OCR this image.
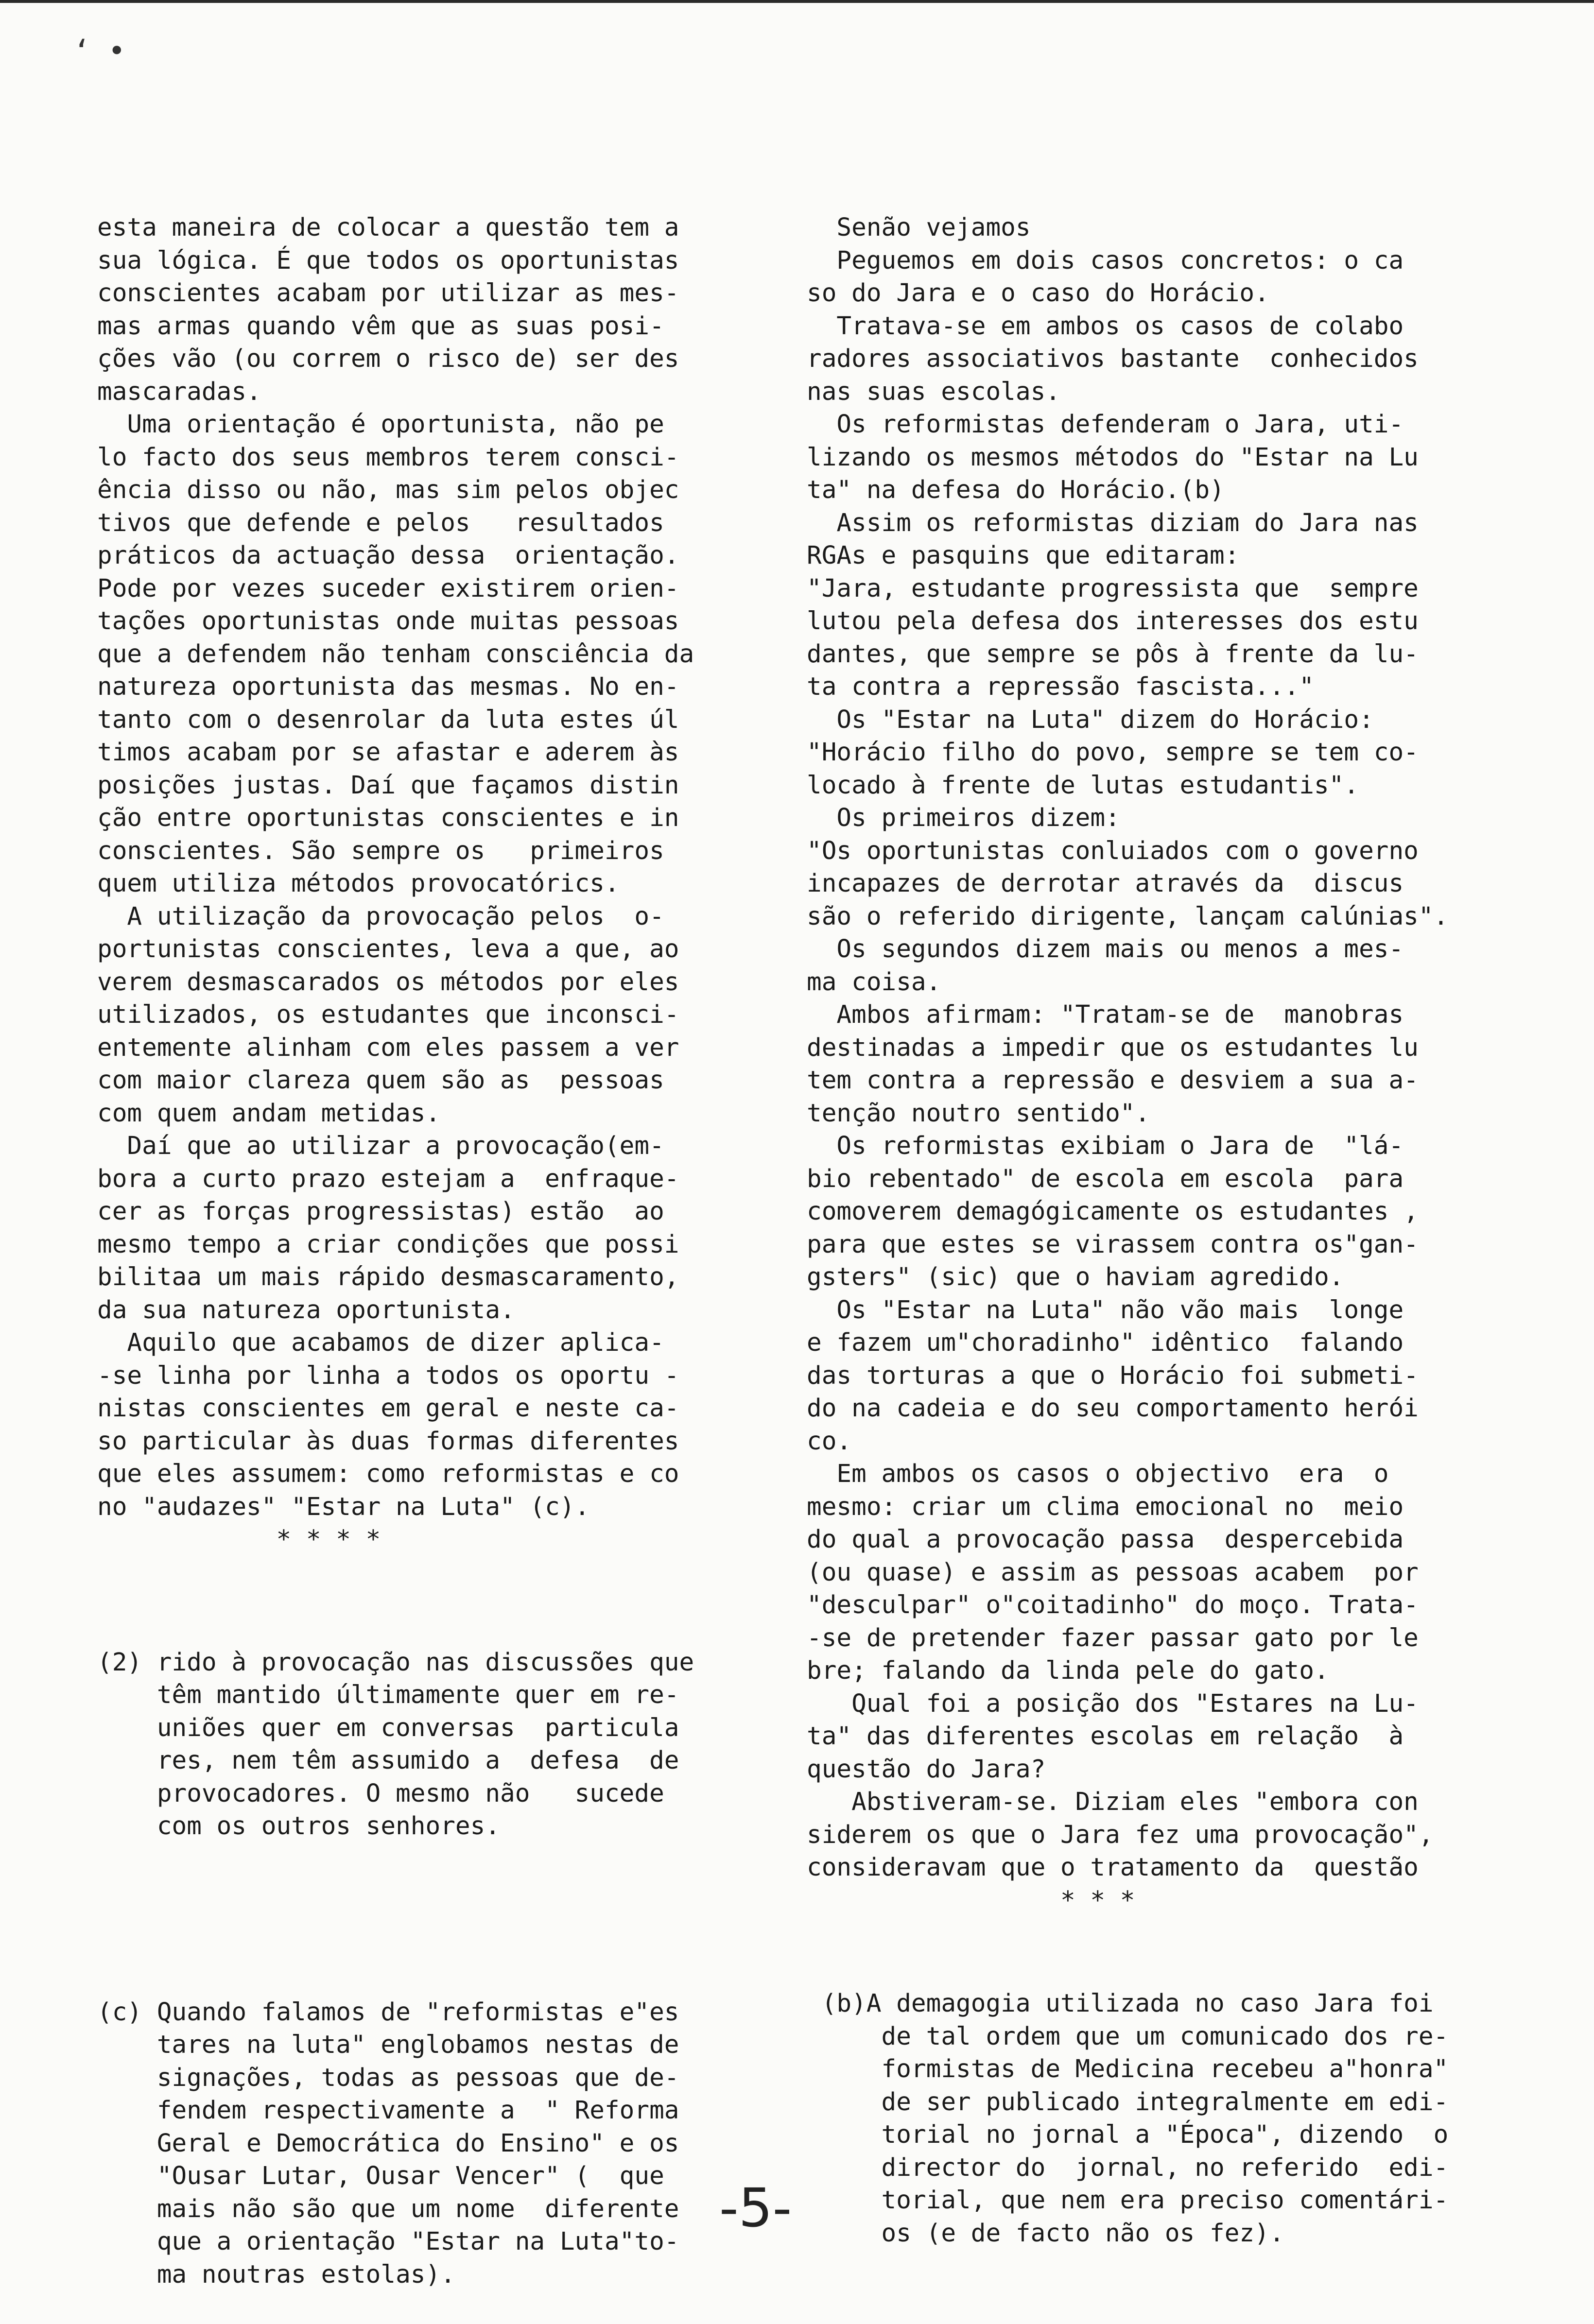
ʻ •

esta maneira de colocar a questão tem a

sua lógica. É que todos os oportunistas

conscientes acabam por utilizar as mes-

mas armas quando vêm que as suas posi-

ções vão (ou correm o risco de) ser des

mascaradas.

Uma orientação é oportunista, não pe

lo facto dos seus membros terem consci-

ência disso ou não, mas sim pelos objec

tivos que defende e pelos   resultados

práticos da actuação dessa  orientação.

Pode por vezes suceder existirem orien-

tações oportunistas onde muitas pessoas

que a defendem não tenham consciência da

natureza oportunista das mesmas. No en-

tanto com o desenrolar da luta estes úl

timos acabam por se afastar e aderem às

posições justas. Daí que façamos distin

ção entre oportunistas conscientes e in

conscientes. São sempre os   primeiros

quem utiliza métodos provocatórics.

A utilização da provocação pelos  o-

portunistas conscientes, leva a que, ao

verem desmascarados os métodos por eles

utilizados, os estudantes que inconsci-

entemente alinham com eles passem a ver

com maior clareza quem são as  pessoas

com quem andam metidas.

Daí que ao utilizar a provocação(em-

bora a curto prazo estejam a  enfraque-

cer as forças progressistas) estão  ao

mesmo tempo a criar condições que possi

bilitaa um mais rápido desmascaramento,

da sua natureza oportunista.

Aquilo que acabamos de dizer aplica-

-se linha por linha a todos os oportu -

nistas conscientes em geral e neste ca-

so particular às duas formas diferentes

que eles assumem: como reformistas e co

no "audazes" "Estar na Luta" (c).

* * * *

(2) rido à provocação nas discussões que

têm mantido últimamente quer em re-

uniões quer em conversas  particula

res, nem têm assumido a  defesa  de

provocadores. O mesmo não   sucede

com os outros senhores.

(c) Quando falamos de "reformistas e"es

tares na luta" englobamos nestas de

signações, todas as pessoas que de-

fendem respectivamente a  " Reforma

Geral e Democrática do Ensino" e os

"Ousar Lutar, Ousar Vencer" (  que

mais não são que um nome  diferente

que a orientação "Estar na Luta"to-

ma noutras estolas).

Senão vejamos

Peguemos em dois casos concretos: o ca

so do Jara e o caso do Horácio.

Tratava-se em ambos os casos de colabo

radores associativos bastante  conhecidos

nas suas escolas.

Os reformistas defenderam o Jara, uti-

lizando os mesmos métodos do "Estar na Lu

ta" na defesa do Horácio.(b)

Assim os reformistas diziam do Jara nas

RGAs e pasquins que editaram:

"Jara, estudante progressista que  sempre

lutou pela defesa dos interesses dos estu

dantes, que sempre se pôs à frente da lu-

ta contra a repressão fascista..."

Os "Estar na Luta" dizem do Horácio:

"Horácio filho do povo, sempre se tem co-

locado à frente de lutas estudantis".

Os primeiros dizem:

"Os oportunistas conluiados com o governo

incapazes de derrotar através da  discus

são o referido dirigente, lançam calúnias".

Os segundos dizem mais ou menos a mes-

ma coisa.

Ambos afirmam: "Tratam-se de  manobras

destinadas a impedir que os estudantes lu

tem contra a repressão e desviem a sua a-

tenção noutro sentido".

Os reformistas exibiam o Jara de  "lá-

bio rebentado" de escola em escola  para

comoverem demagógicamente os estudantes ,

para que estes se virassem contra os"gan-

gsters" (sic) que o haviam agredido.

Os "Estar na Luta" não vão mais  longe

e fazem um"choradinho" idêntico  falando

das torturas a que o Horácio foi submeti-

do na cadeia e do seu comportamento herói

co.

Em ambos os casos o objectivo  era  o

mesmo: criar um clima emocional no  meio

do qual a provocação passa  despercebida

(ou quase) e assim as pessoas acabem  por

"desculpar" o"coitadinho" do moço. Trata-

-se de pretender fazer passar gato por le

bre; falando da linda pele do gato.

Qual foi a posição dos "Estares na Lu-

ta" das diferentes escolas em relação  à

questão do Jara?

Abstiveram-se. Diziam eles "embora con

siderem os que o Jara fez uma provocação",

consideravam que o tratamento da  questão

* * *

(b)A demagogia utilizada no caso Jara foi

de tal ordem que um comunicado dos re-

formistas de Medicina recebeu a"honra"

de ser publicado integralmente em edi-

torial no jornal a "Época", dizendo  o

director do  jornal, no referido  edi-

torial, que nem era preciso comentári-

os (e de facto não os fez).

-5-
